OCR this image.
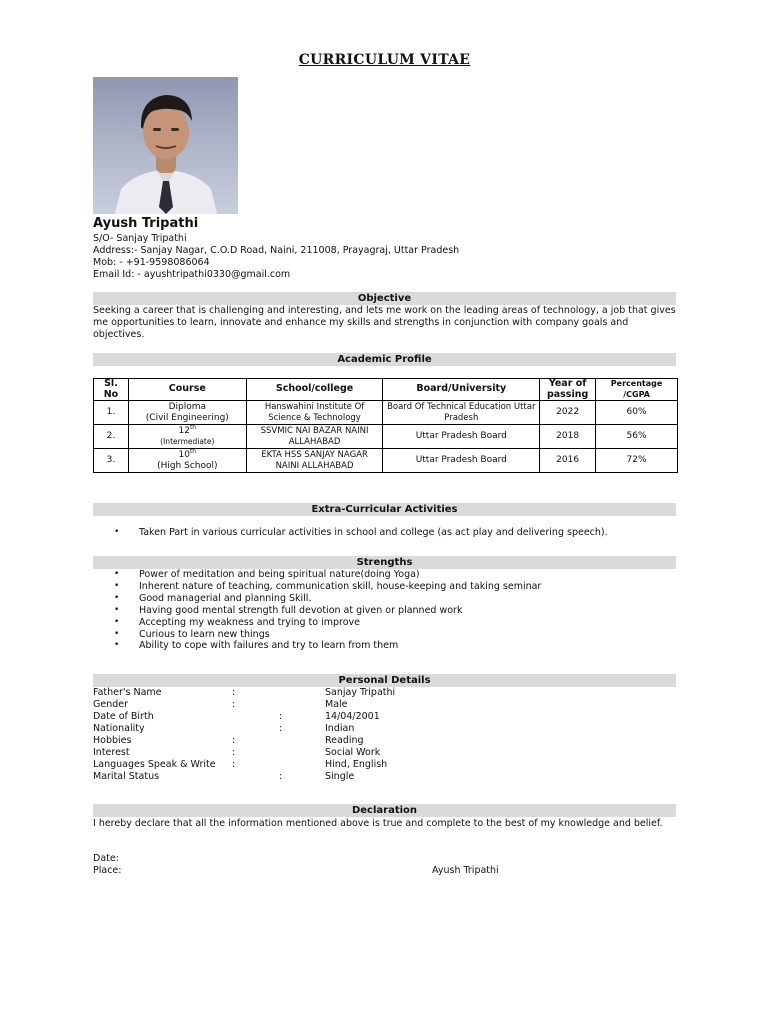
CURRICULUM VITAE
Ayush Tripathi
S/O- Sanjay Tripathi
Address:- Sanjay Nagar, C.O.D Road, Naini, 211008, Prayagraj, Uttar Pradesh
Mob: - +91-9598086064
Email Id: - ayushtripathi0330@gmail.com
Objective
Seeking a career that is challenging and interesting, and lets me work on the leading areas of technology, a job that gives me opportunities to learn, innovate and enhance my skills and strengths in conjunction with company goals and objectives.
Academic Profile
Sl.
No	Course	School/college	Board/University	Year of
passing	Percentage
/CGPA
1.	Diploma
(Civil Engineering)	Hanswahini Institute Of
Science & Technology	Board Of Technical Education Uttar
Pradesh	2022	60%
2.	12th
(Intermediate)	SSVMIC NAI BAZAR NAINI
ALLAHABAD	Uttar Pradesh Board	2018	56%
3.	10th
(High School)	EKTA HSS SANJAY NAGAR
NAINI ALLAHABAD	Uttar Pradesh Board	2016	72%
Extra-Curricular Activities
• Taken Part in various curricular activities in school and college (as act play and delivering speech).
Strengths
• Power of meditation and being spiritual nature(doing Yoga)
• Inherent nature of teaching, communication skill, house-keeping and taking seminar
• Good managerial and planning Skill.
• Having good mental strength full devotion at given or planned work
• Accepting my weakness and trying to improve
• Curious to learn new things
• Ability to cope with failures and try to learn from them
Personal Details
Father's Name	:	Sanjay Tripathi
Gender	:	Male
Date of Birth	:	14/04/2001
Nationality	:	Indian
Hobbies	:	Reading
Interest	:	Social Work
Languages Speak & Write :	Hind, English
Marital Status	:	Single
Declaration
I hereby declare that all the information mentioned above is true and complete to the best of my knowledge and belief.
Date:
Place:	Ayush Tripathi
